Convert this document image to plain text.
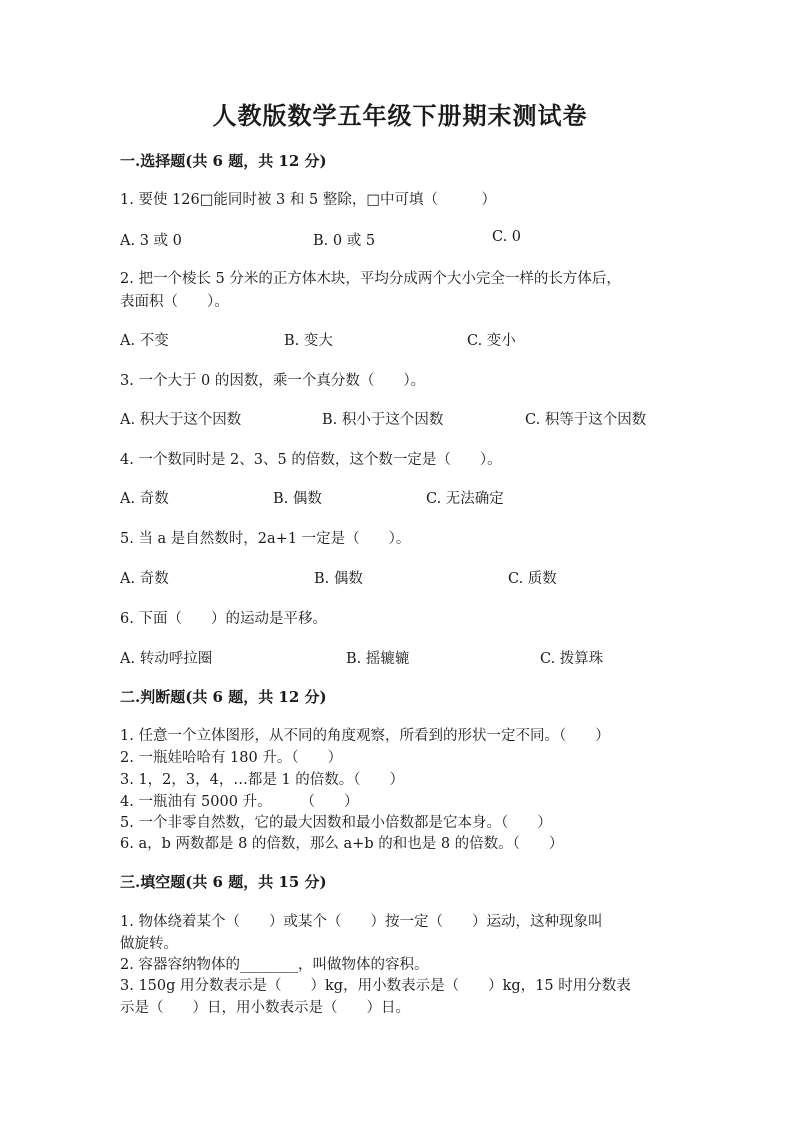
人教版数学五年级下册期末测试卷

一.选择题(共 6 题，共 12 分)

1. 要使 126□能同时被 3 和 5 整除，□中可填（　　　）

A. 3 或 0	B. 0 或 5	C. 0

2. 把一个棱长 5 分米的正方体木块，平均分成两个大小完全一样的长方体后，

表面积（　　）。

A. 不变	B. 变大	C. 变小

3. 一个大于 0 的因数，乘一个真分数（　　）。

A. 积大于这个因数	B. 积小于这个因数	C. 积等于这个因数

4. 一个数同时是 2、3、5 的倍数，这个数一定是（　　）。

A. 奇数	B. 偶数	C. 无法确定

5. 当 a 是自然数时，2a+1 一定是（　　）。

A. 奇数	B. 偶数	C. 质数

6. 下面（　　）的运动是平移。

A. 转动呼拉圈	B. 摇辘辘	C. 拨算珠

二.判断题(共 6 题，共 12 分)

1. 任意一个立体图形，从不同的角度观察，所看到的形状一定不同。（　　）

2. 一瓶娃哈哈有 180 升。（　　）

3. 1，2，3，4，…都是 1 的倍数。（　　）

4. 一瓶油有 5000 升。　　　（　　）

5. 一个非零自然数，它的最大因数和最小倍数都是它本身。（　　）

6. a，b 两数都是 8 的倍数，那么 a+b 的和也是 8 的倍数。（　　）

三.填空题(共 6 题，共 15 分)

1. 物体绕着某个（　　）或某个（　　）按一定（　　）运动，这种现象叫

做旋转。

2. 容器容纳物体的________，叫做物体的容积。

3. 150g 用分数表示是（　　）kg，用小数表示是（　　）kg，15 时用分数表

示是（　　）日，用小数表示是（　　）日。
